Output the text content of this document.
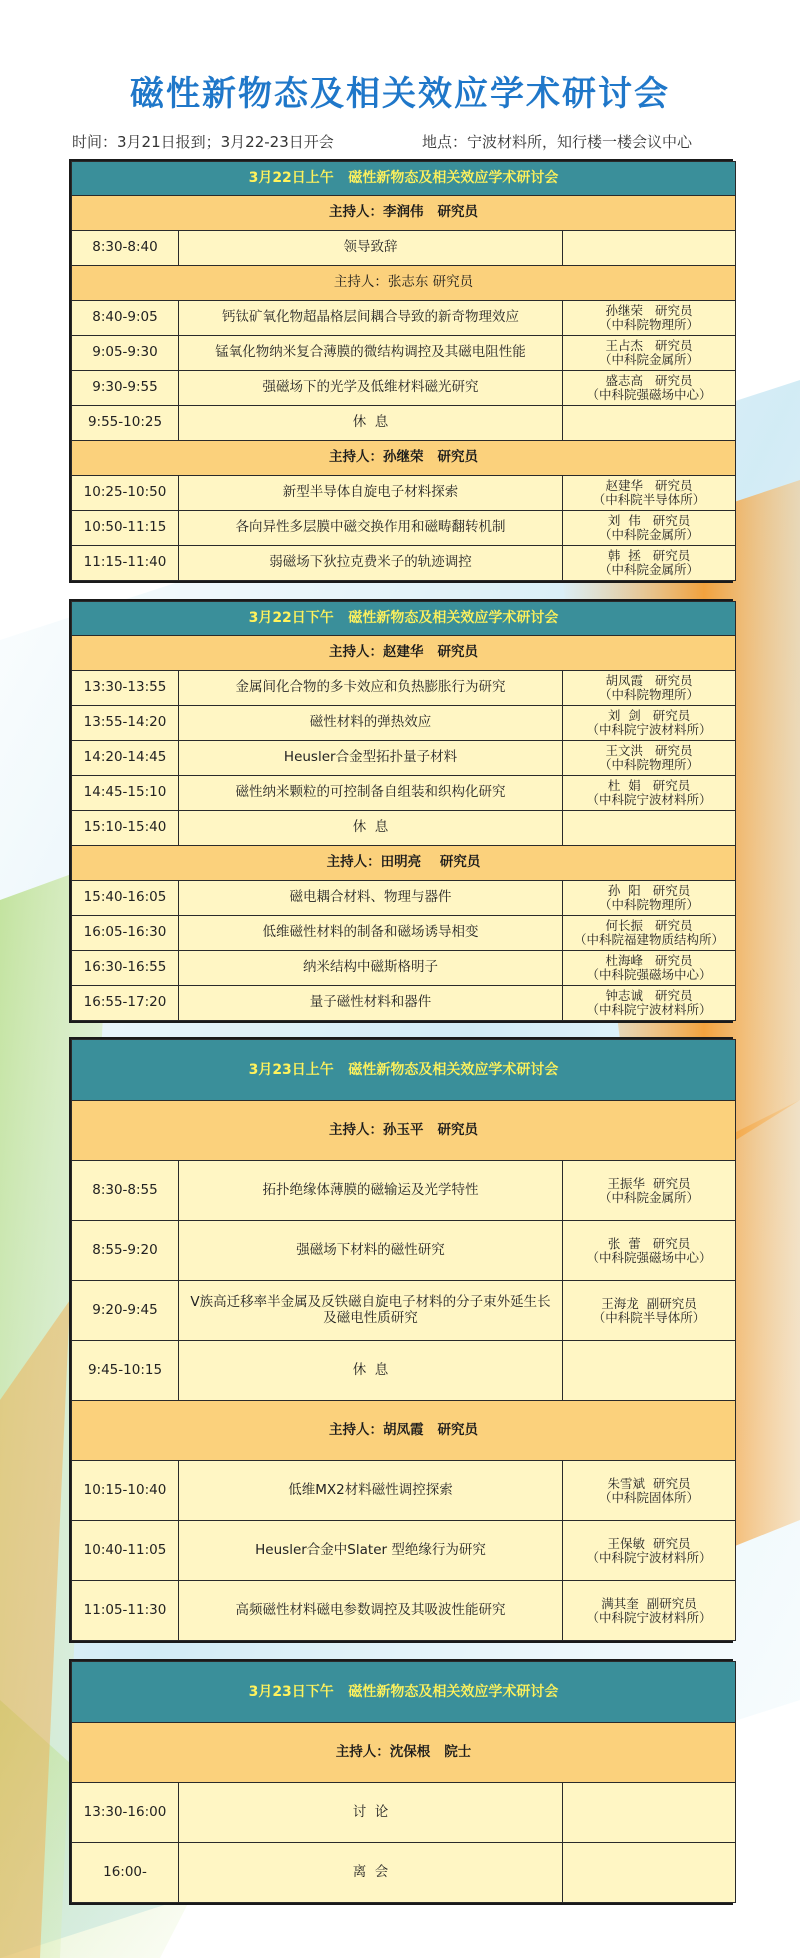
磁性新物态及相关效应学术研讨会
时间：3月21日报到；3月22-23日开会	地点：宁波材料所，知行楼一楼会议中心
3月22日上午   磁性新物态及相关效应学术研讨会		
主持人：李润伟   研究员		
8:30-8:40	领导致辞	

主持人：张志东 研究员		
8:40-9:05	钙钛矿氧化物超晶格层间耦合导致的新奇物理效应	孙继荣   研究员
（中科院物理所）

9:05-9:30	锰氧化物纳米复合薄膜的微结构调控及其磁电阻性能	王占杰   研究员
（中科院金属所）

9:30-9:55	强磁场下的光学及低维材料磁光研究	盛志高   研究员
（中科院强磁场中心）

9:55-10:25	休  息	

主持人：孙继荣   研究员		
10:25-10:50	新型半导体自旋电子材料探索	赵建华   研究员
（中科院半导体所）

10:50-11:15	各向异性多层膜中磁交换作用和磁畴翻转机制	刘  伟   研究员
（中科院金属所）

11:15-11:40	弱磁场下狄拉克费米子的轨迹调控	韩  拯   研究员
（中科院金属所）
3月22日下午   磁性新物态及相关效应学术研讨会		
主持人：赵建华   研究员		
13:30-13:55	金属间化合物的多卡效应和负热膨胀行为研究	胡凤霞   研究员
（中科院物理所）

13:55-14:20	磁性材料的弹热效应	刘  剑   研究员
（中科院宁波材料所）

14:20-14:45	Heusler合金型拓扑量子材料	王文洪   研究员
（中科院物理所）

14:45-15:10	磁性纳米颗粒的可控制备自组装和织构化研究	杜  娟   研究员
（中科院宁波材料所）

15:10-15:40	休  息	

主持人：田明亮    研究员		
15:40-16:05	磁电耦合材料、物理与器件	孙  阳   研究员
（中科院物理所）

16:05-16:30	低维磁性材料的制备和磁场诱导相变	何长振   研究员
（中科院福建物质结构所）

16:30-16:55	纳米结构中磁斯格明子	杜海峰   研究员
（中科院强磁场中心）

16:55-17:20	量子磁性材料和器件	钟志诚   研究员
（中科院宁波材料所）
3月23日上午   磁性新物态及相关效应学术研讨会		
主持人：孙玉平   研究员		
8:30-8:55	拓扑绝缘体薄膜的磁输运及光学特性	王振华  研究员
（中科院金属所）

8:55-9:20	强磁场下材料的磁性研究	张  蕾   研究员
（中科院强磁场中心）

9:20-9:45	V族高迁移率半金属及反铁磁自旋电子材料的分子束外延生长及磁电性质研究	王海龙  副研究员
（中科院半导体所）

9:45-10:15	休  息	

主持人：胡凤霞   研究员		
10:15-10:40	低维MX2材料磁性调控探索	朱雪斌  研究员
（中科院固体所）

10:40-11:05	Heusler合金中Slater 型绝缘行为研究	王保敏  研究员
（中科院宁波材料所）

11:05-11:30	高频磁性材料磁电参数调控及其吸波性能研究	满其奎  副研究员
（中科院宁波材料所）
3月23日下午   磁性新物态及相关效应学术研讨会		
主持人：沈保根   院士		
13:30-16:00	讨  论	

16:00-	离  会	
